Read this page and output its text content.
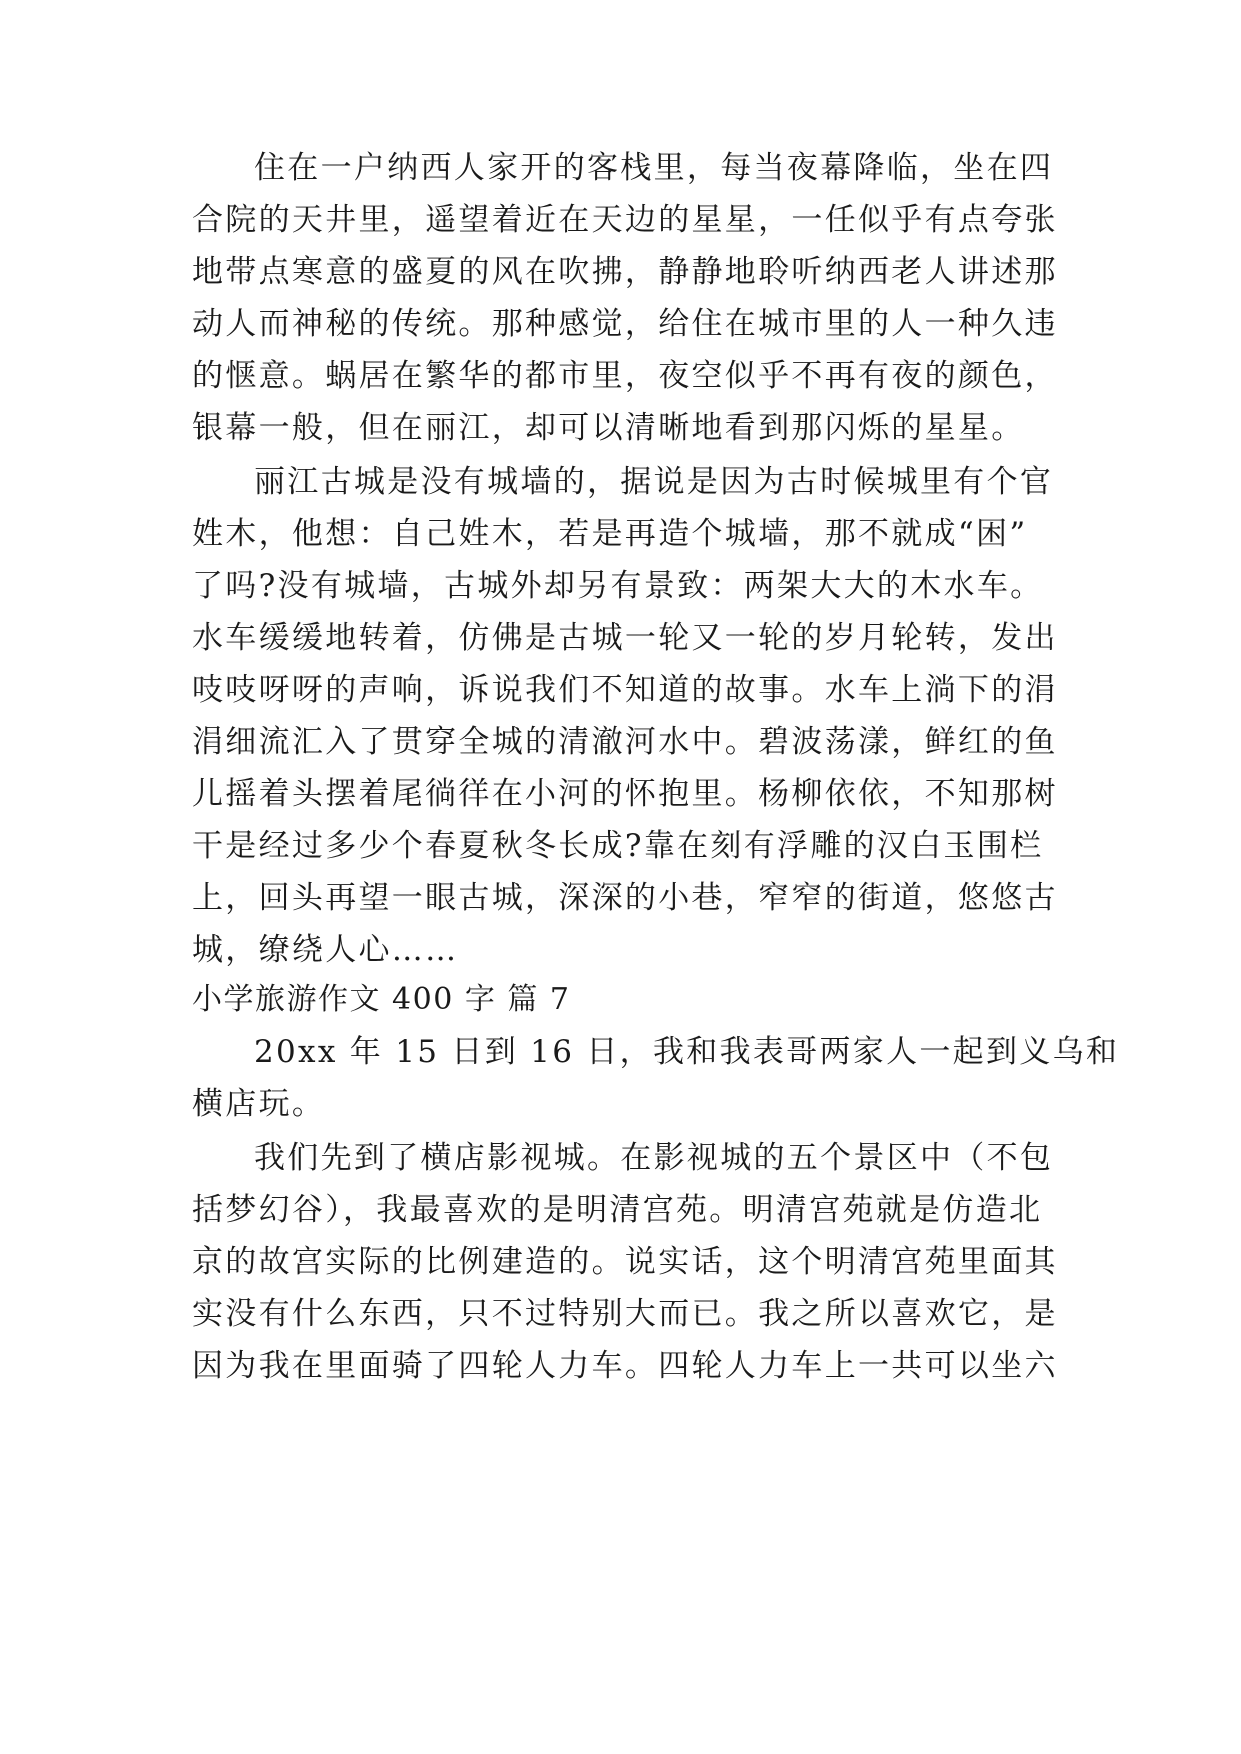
住在一户纳西人家开的客栈里，每当夜幕降临，坐在四
合院的天井里，遥望着近在天边的星星，一任似乎有点夸张
地带点寒意的盛夏的风在吹拂，静静地聆听纳西老人讲述那
动人而神秘的传统。那种感觉，给住在城市里的人一种久违
的惬意。蜗居在繁华的都市里，夜空似乎不再有夜的颜色，
银幕一般，但在丽江，却可以清晰地看到那闪烁的星星。
丽江古城是没有城墙的，据说是因为古时候城里有个官
姓木，他想：自己姓木，若是再造个城墙，那不就成“困”
了吗?没有城墙，古城外却另有景致：两架大大的木水车。
水车缓缓地转着，仿佛是古城一轮又一轮的岁月轮转，发出
吱吱呀呀的声响，诉说我们不知道的故事。水车上淌下的涓
涓细流汇入了贯穿全城的清澈河水中。碧波荡漾，鲜红的鱼
儿摇着头摆着尾徜徉在小河的怀抱里。杨柳依依，不知那树
干是经过多少个春夏秋冬长成?靠在刻有浮雕的汉白玉围栏
上，回头再望一眼古城，深深的小巷，窄窄的街道，悠悠古
城，缭绕人心……
小学旅游作文 400 字 篇 7
20xx 年 15 日到 16 日，我和我表哥两家人一起到义乌和
横店玩。
我们先到了横店影视城。在影视城的五个景区中（不包
括梦幻谷），我最喜欢的是明清宫苑。明清宫苑就是仿造北
京的故宫实际的比例建造的。说实话，这个明清宫苑里面其
实没有什么东西，只不过特别大而已。我之所以喜欢它，是
因为我在里面骑了四轮人力车。四轮人力车上一共可以坐六
